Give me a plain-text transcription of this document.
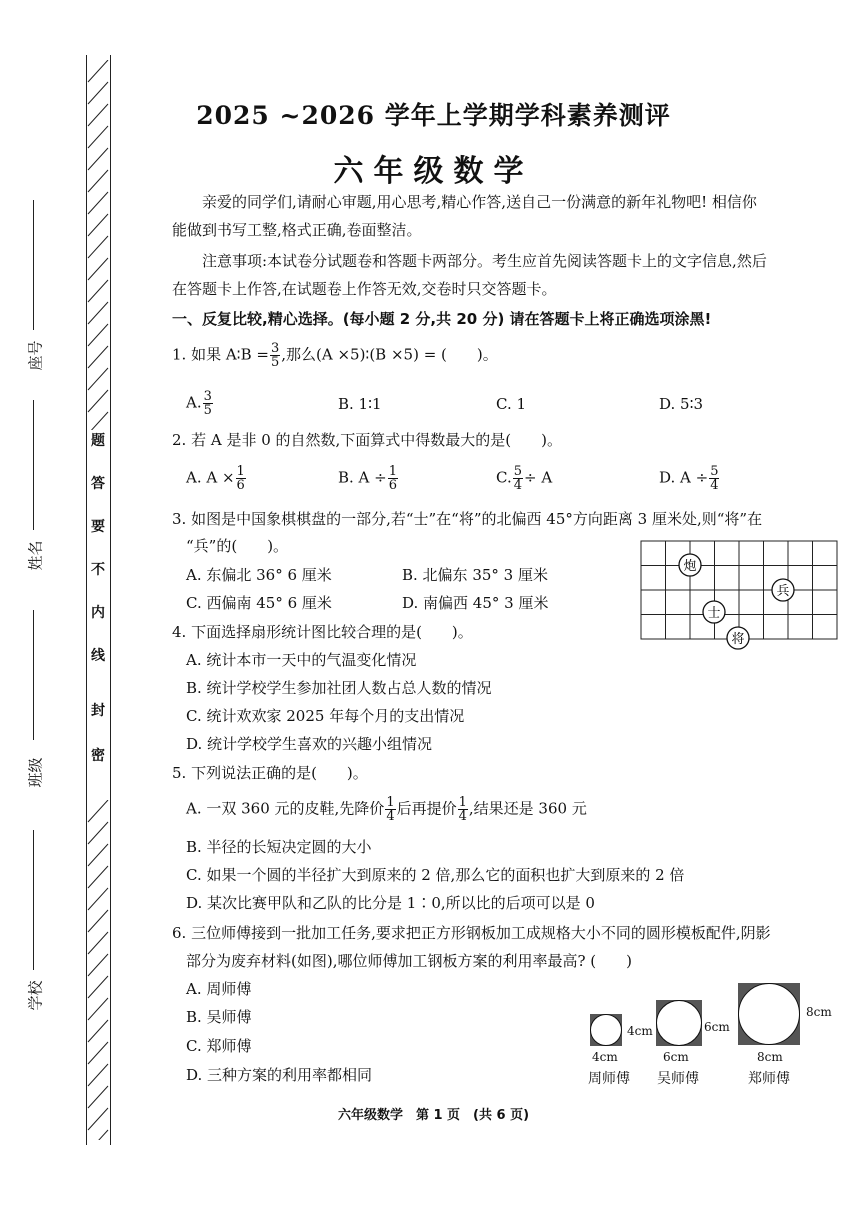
题
答
要
不
内
线
封
密
座号
姓名
班级
学校
2025 ~2026 学年上学期学科素养测评
六年级数学
亲爱的同学们,请耐心审题,用心思考,精心作答,送自己一份满意的新年礼物吧! 相信你
能做到书写工整,格式正确,卷面整洁。
注意事项:本试卷分试题卷和答题卡两部分。考生应首先阅读答题卡上的文字信息,然后
在答题卡上作答,在试题卷上作答无效,交卷时只交答题卡。
一、反复比较,精心选择。(每小题 2 分,共 20 分) 请在答题卡上将正确选项涂黑!
1. 如果 A∶B = $\frac{3}{5}$ ,那么(A ×5)∶(B ×5) = (　　)。
A. $\frac{3}{5}$	B. 1∶1	C. 1	D. 5∶3
2. 若 A 是非 0 的自然数,下面算式中得数最大的是(　　)。
A. $A \times \frac{1}{6}$	B. $A \div \frac{1}{6}$	C. $\frac{5}{4} \div A$	D. $A \div \frac{5}{4}$
3. 如图是中国象棋棋盘的一部分,若“士”在“将”的北偏西 45°方向距离 3 厘米处,则“将”在
“兵”的(　　)。
A. 东偏北 36° 6 厘米	B. 北偏东 35° 3 厘米
C. 西偏南 45° 6 厘米	D. 南偏西 45° 3 厘米
炮
兵
士
将
4. 下面选择扇形统计图比较合理的是(　　)。
A. 统计本市一天中的气温变化情况
B. 统计学校学生参加社团人数占总人数的情况
C. 统计欢欢家 2025 年每个月的支出情况
D. 统计学校学生喜欢的兴趣小组情况
5. 下列说法正确的是(　　)。
A. 一双 360 元的皮鞋,先降价 $\frac{1}{4}$ 后再提价 $\frac{1}{4}$ ,结果还是 360 元
B. 半径的长短决定圆的大小
C. 如果一个圆的半径扩大到原来的 2 倍,那么它的面积也扩大到原来的 2 倍
D. 某次比赛甲队和乙队的比分是 1∶0,所以比的后项可以是 0
6. 三位师傅接到一批加工任务,要求把正方形钢板加工成规格大小不同的圆形模板配件,阴影
部分为废弃材料(如图),哪位师傅加工钢板方案的利用率最高? (　　)
A. 周师傅
B. 吴师傅
C. 郑师傅
D. 三种方案的利用率都相同
4cm
4cm
周师傅
6cm
6cm
吴师傅
8cm
8cm
郑师傅
六年级数学　第 1 页　(共 6 页)
